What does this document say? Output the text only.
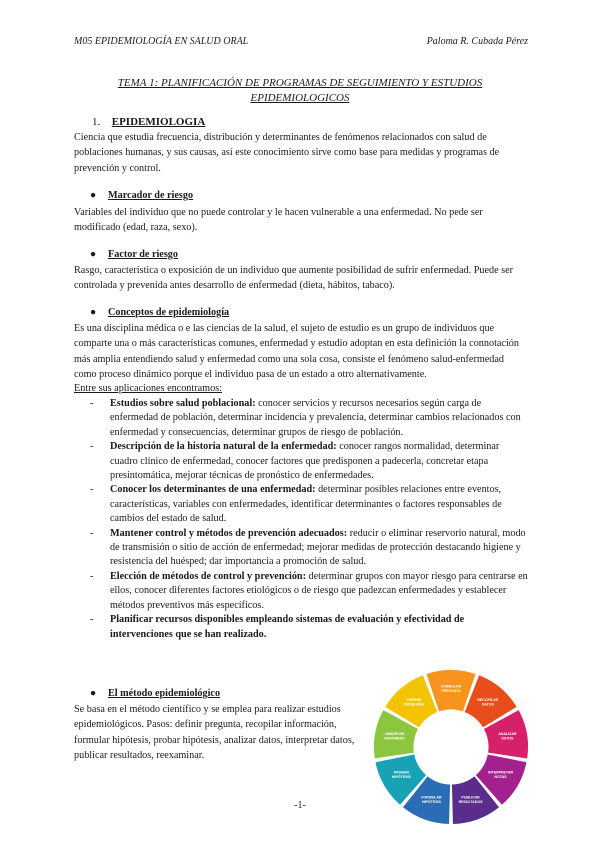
M05 EPIDEMIOLOGÍA EN SALUD ORAL	Paloma R. Cubada Pérez
TEMA 1: PLANIFICACIÓN DE PROGRAMAS DE SEGUIMIENTO Y ESTUDIOS
EPIDEMIOLOGICOS
1. EPIDEMIOLOGIA
Ciencia que estudia frecuencia, distribución y determinantes de fenómenos relacionados con salud de poblaciones humanas, y sus causas, así este conocimiento sirve como base para medidas y programas de prevención y control.
● Marcador de riesgo
Variables del individuo que no puede controlar y le hacen vulnerable a una enfermedad. No pede ser modificado (edad, raza, sexo).
● Factor de riesgo
Rasgo, característica o exposición de un individuo que aumente posibilidad de sufrir enfermedad. Puede ser controlada y prevenida antes desarrollo de enfermedad (dieta, hábitos, tabaco).
● Conceptos de epidemiología
Es una disciplina médica o e las ciencias de la salud, el sujeto de estudio es un grupo de individuos que comparte una o más características comunes, enfermedad y estudio adoptan en esta definición la connotación más amplia entendiendo salud y enfermedad como una sola cosa, consiste el fenómeno salud-enfermedad como proceso dinámico porque el individuo pasa de un estado a otro alternativamente.
Entre sus aplicaciones encontramos:
- Estudios sobre salud poblacional: conocer servicios y recursos necesarios según carga de enfermedad de población, determinar incidencia y prevalencia, determinar cambios relacionados con enfermedad y consecuencias, determinar grupos de riesgo de población.
- Descripción de la historia natural de la enfermedad: conocer rangos normalidad, determinar cuadro clínico de enfermedad, conocer factores que predisponen a padecerla, concretar etapa presintomática, mejorar técnicas de pronóstico de enfermedades.
- Conocer los determinantes de una enfermedad: determinar posibles relaciones entre eventos, características, variables con enfermedades, identificar determinantes o factores responsables de cambios del estado de salud.
- Mantener control y métodos de prevención adecuados: reducir o eliminar reservorio natural, modo de transmisión o sitio de acción de enfermedad; mejorar medidas de protección destacando higiene y resistencia del huésped; dar importancia a promoción de salud.
- Elección de métodos de control y prevención: determinar grupos con mayor riesgo para centrarse en ellos, conocer diferentes factores etiológicos o de riesgo que padezcan enfermedades y establecer métodos preventivos más específicos.
- Planificar recursos disponibles empleando sistemas de evaluación y efectividad de intervenciones que se han realizado.
● El método epidemiológico
Se basa en el método científico y se emplea para realizar estudios epidemiológicos. Pasos: definir pregunta, recopilar información, formular hipótesis, probar hipótesis, analizar datos, interpretar datos, publicar resultados, reexaminar.
FORMULAR PREGUNTA
RECOPILAR DATOS
ANALIZAR DATOS
INTERPRETAR NOTAS
PUBLICAR RESULTADOS
FORMULAR HIPÓTESIS
PROBAR HIPÓTESIS
OBSERVAR FENÓMENO
DEFINIR PROBLEMA
-1-
